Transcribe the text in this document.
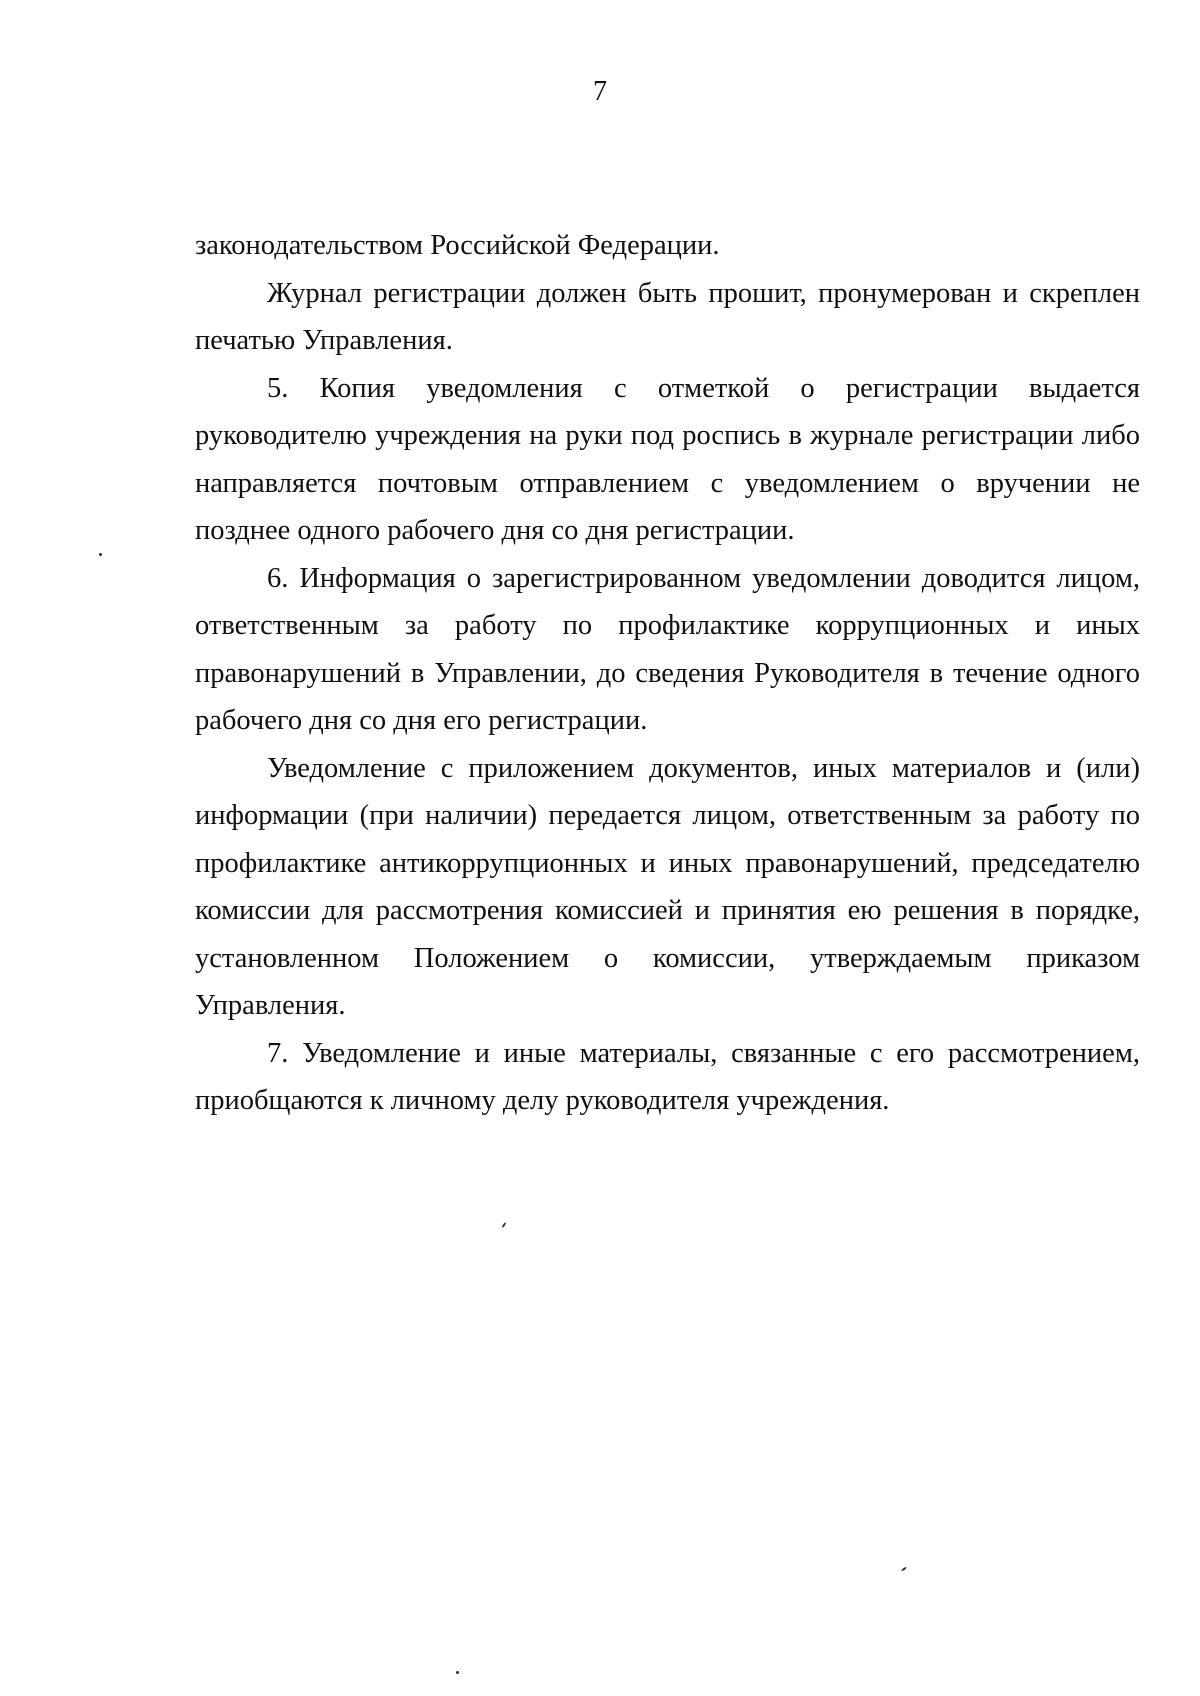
7

законодательством Российской Федерации.

Журнал регистрации должен быть прошит, пронумерован и скреплен печатью Управления.

5. Копия уведомления с отметкой о регистрации выдается
руководителю учреждения на руки под роспись в журнале регистрации либо направляется почтовым отправлением с уведомлением о вручении не позднее одного рабочего дня со дня регистрации.

6. Информация о зарегистрированном уведомлении доводится лицом, ответственным за работу по профилактике коррупционных и иных правонарушений в Управлении, до сведения Руководителя в течение одного рабочего дня со дня его регистрации.

Уведомление с приложением документов, иных материалов и (или) информации (при наличии) передается лицом, ответственным за работу по профилактике антикоррупционных и иных правонарушений, председателю комиссии для рассмотрения комиссией и принятия ею решения в порядке, установленном Положением о комиссии, утверждаемым приказом Управления.

7. Уведомление и иные материалы, связанные с его рассмотрением, приобщаются к личному делу руководителя учреждения.
